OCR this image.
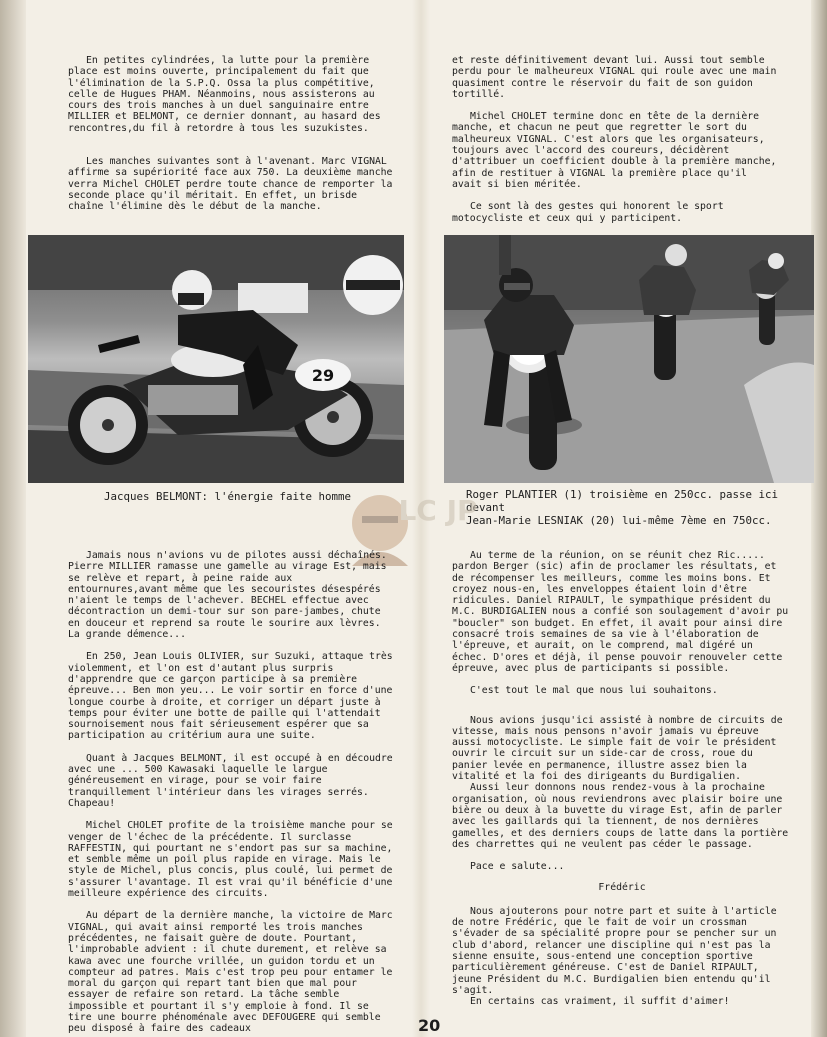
En petites cylindrées, la lutte pour la première place est moins ouverte, principalement du fait que l'élimination de la S.P.Q. Ossa la plus compétitive, celle de Hugues PHAM. Néanmoins, nous assisterons au cours des trois manches à un duel sanguinaire entre MILLIER et BELMONT, ce dernier donnant, au hasard des rencontres,du fil à retordre à tous les suzukistes.

Les manches suivantes sont à l'avenant. Marc VIGNAL affirme sa supériorité face aux 750. La deuxième manche verra Michel CHOLET perdre toute chance de remporter la seconde place qu'il méritait. En effet, un brisde chaîne l'élimine dès le début de la manche.

et reste définitivement devant lui. Aussi tout semble perdu pour le malheureux VIGNAL qui roule avec une main quasiment contre le réservoir du fait de son guidon tortillé.

Michel CHOLET termine donc en tête de la dernière manche, et chacun ne peut que regretter le sort du malheureux VIGNAL. C'est alors que les organisateurs, toujours avec l'accord des coureurs, décidèrent d'attribuer un coefficient double à la première manche, afin de restituer à VIGNAL la première place qu'il avait si bien méritée.

Ce sont là des gestes qui honorent le sport motocycliste et ceux qui y participent.

29
Jacques BELMONT: l'énergie faite homme	Roger PLANTIER (1) troisième en 250cc. passe ici devant
Jean-Marie LESNIAK (20) lui-même 7ème en 750cc.
LC JP

Jamais nous n'avions vu de pilotes aussi déchaînés. Pierre MILLIER ramasse une gamelle au virage Est, mais se relève et repart, à peine raide aux entournures,avant même que les secouristes désespérés n'aient le temps de l'achever. BECHEL effectue avec décontraction un demi-tour sur son pare-jambes, chute en douceur et reprend sa route le sourire aux lèvres. La grande démence...

En 250, Jean Louis OLIVIER, sur Suzuki, attaque très violemment, et l'on est d'autant plus surpris d'apprendre que ce garçon participe à sa première épreuve... Ben mon yeu... Le voir sortir en force d'une longue courbe à droite, et corriger un départ juste à temps pour éviter une botte de paille qui l'attendait sournoisement nous fait sérieusement espérer que sa participation au critérium aura une suite.

Quant à Jacques BELMONT, il est occupé à en découdre avec une ... 500 Kawasaki laquelle le largue généreusement en virage, pour se voir faire tranquillement l'intérieur dans les virages serrés. Chapeau!

Michel CHOLET profite de la troisième manche pour se venger de l'échec de la précédente. Il surclasse RAFFESTIN, qui pourtant ne s'endort pas sur sa machine, et semble même un poil plus rapide en virage. Mais le style de Michel, plus concis, plus coulé, lui permet de s'assurer l'avantage. Il est vrai qu'il bénéficie d'une meilleure expérience des circuits.

Au départ de la dernière manche, la victoire de Marc VIGNAL, qui avait ainsi remporté les trois manches précédentes, ne faisait guère de doute. Pourtant, l'improbable advient : il chute durement, et relève sa kawa avec une fourche vrillée, un guidon tordu et un compteur ad patres. Mais c'est trop peu pour entamer le moral du garçon qui repart tant bien que mal pour essayer de refaire son retard. La tâche semble impossible et pourtant il s'y emploie à fond. Il se tire une bourre phénoménale avec DEFOUGERE qui semble peu disposé à faire des cadeaux

Au terme de la réunion, on se réunit chez Ric..... pardon Berger (sic) afin de proclamer les résultats, et de récompenser les meilleurs, comme les moins bons. Et croyez nous-en, les enveloppes étaient loin d'être ridicules. Daniel RIPAULT, le sympathique président du M.C. BURDIGALIEN nous a confié son soulagement d'avoir pu "boucler" son budget. En effet, il avait pour ainsi dire consacré trois semaines de sa vie à l'élaboration de l'épreuve, et aurait, on le comprend, mal digéré un échec. D'ores et déjà, il pense pouvoir renouveler cette épreuve, avec plus de participants si possible.

C'est tout le mal que nous lui souhaitons.

Nous avions jusqu'ici assisté à nombre de circuits de vitesse, mais nous pensons n'avoir jamais vu épreuve aussi motocycliste. Le simple fait de voir le président ouvrir le circuit sur un side-car de cross, roue du panier levée en permanence, illustre assez bien la vitalité et la foi des dirigeants du Burdigalien.

Aussi leur donnons nous rendez-vous à la prochaine organisation, où nous reviendrons avec plaisir boire une bière ou deux à la buvette du virage Est, afin de parler avec les gaillards qui la tiennent, de nos dernières gamelles, et des derniers coups de latte dans la portière des charrettes qui ne veulent pas céder le passage.

Pace e salute...

Frédéric

Nous ajouterons pour notre part et suite à l'article de notre Frédéric, que le fait de voir un crossman s'évader de sa spécialité propre pour se pencher sur un club d'abord, relancer une discipline qui n'est pas la sienne ensuite, sous-entend une conception sportive particulièrement généreuse. C'est de Daniel RIPAULT, jeune Président du M.C. Burdigalien bien entendu qu'il s'agit.

En certains cas vraiment, il suffit d'aimer!

20
